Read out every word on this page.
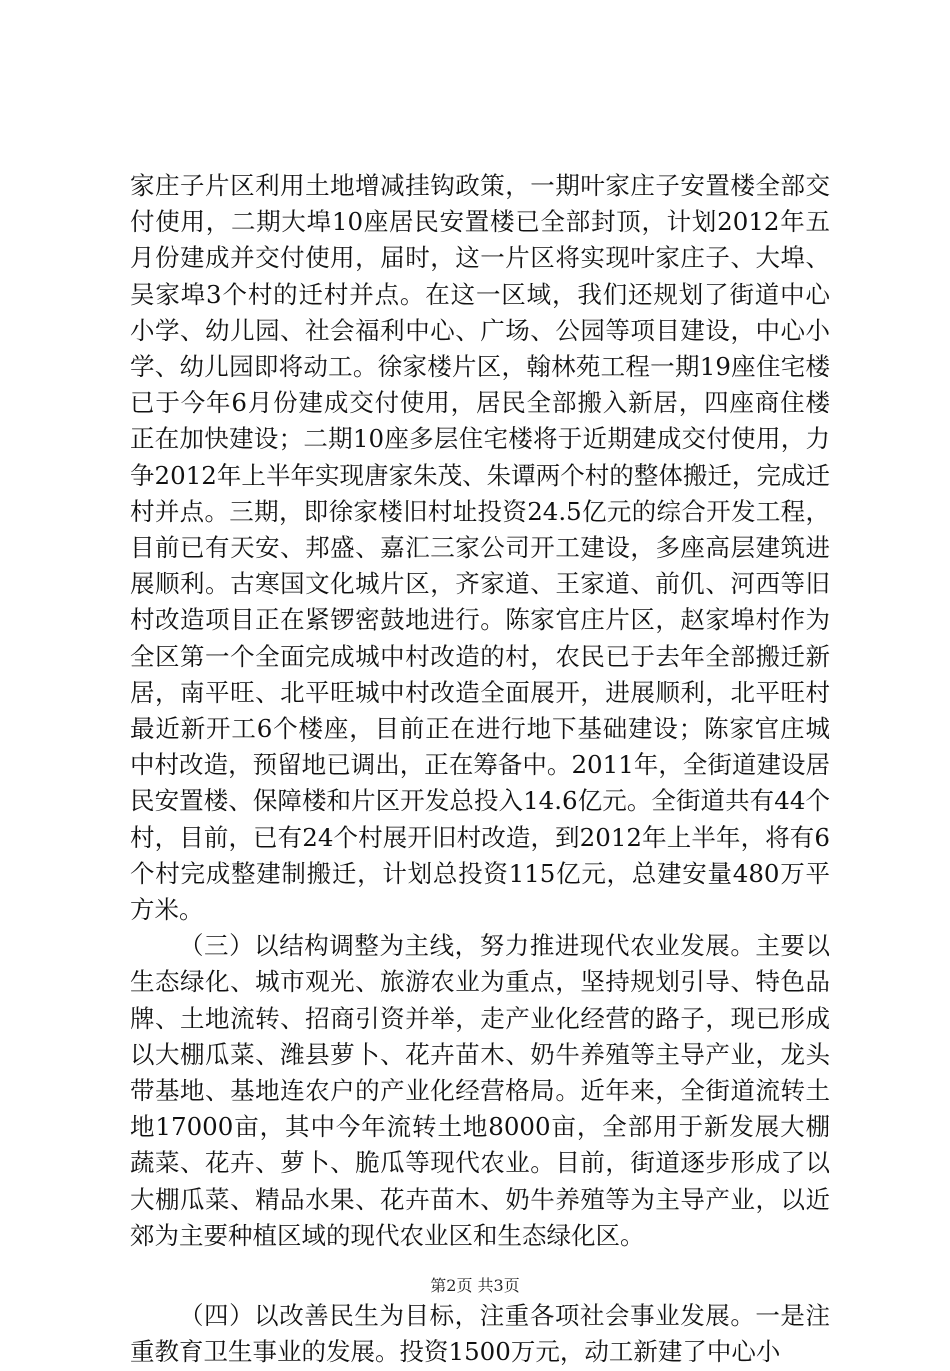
家庄子片区利用土地增减挂钩政策，一期叶家庄子安置楼全部交付使用，二期大埠10座居民安置楼已全部封顶，计划2012年五月份建成并交付使用，届时，这一片区将实现叶家庄子、大埠、吴家埠3个村的迁村并点。在这一区域，我们还规划了街道中心小学、幼儿园、社会福利中心、广场、公园等项目建设，中心小学、幼儿园即将动工。徐家楼片区，翰林苑工程一期19座住宅楼已于今年6月份建成交付使用，居民全部搬入新居，四座商住楼正在加快建设；二期10座多层住宅楼将于近期建成交付使用，力争2012年上半年实现唐家朱茂、朱谭两个村的整体搬迁，完成迁村并点。三期，即徐家楼旧村址投资24.5亿元的综合开发工程，目前已有天安、邦盛、嘉汇三家公司开工建设，多座高层建筑进展顺利。古寒国文化城片区，齐家道、王家道、前仉、河西等旧村改造项目正在紧锣密鼓地进行。陈家官庄片区，赵家埠村作为全区第一个全面完成城中村改造的村，农民已于去年全部搬迁新居，南平旺、北平旺城中村改造全面展开，进展顺利，北平旺村最近新开工6个楼座，目前正在进行地下基础建设；陈家官庄城中村改造，预留地已调出，正在筹备中。2011年，全街道建设居民安置楼、保障楼和片区开发总投入14.6亿元。全街道共有44个村，目前，已有24个村展开旧村改造，到2012年上半年，将有6个村完成整建制搬迁，计划总投资115亿元，总建安量480万平方米。

（三）以结构调整为主线，努力推进现代农业发展。主要以生态绿化、城市观光、旅游农业为重点，坚持规划引导、特色品牌、土地流转、招商引资并举，走产业化经营的路子，现已形成以大棚瓜菜、潍县萝卜、花卉苗木、奶牛养殖等主导产业，龙头带基地、基地连农户的产业化经营格局。近年来，全街道流转土地17000亩，其中今年流转土地8000亩，全部用于新发展大棚蔬菜、花卉、萝卜、脆瓜等现代农业。目前，街道逐步形成了以大棚瓜菜、精品水果、花卉苗木、奶牛养殖等为主导产业，以近郊为主要种植区域的现代农业区和生态绿化区。

（四）以改善民生为目标，注重各项社会事业发展。一是注重教育卫生事业的发展。投资1500万元，动工新建了中心小

第2页 共3页
